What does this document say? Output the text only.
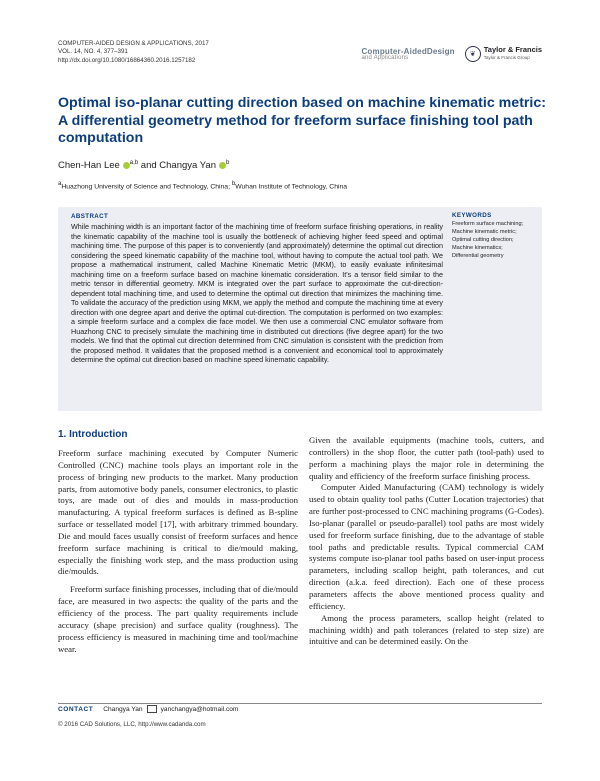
COMPUTER-AIDED DESIGN & APPLICATIONS, 2017
VOL. 14, NO. 4, 377–391
http://dx.doi.org/10.1080/16864360.2016.1257182
Computer-AidedDesign
and Applications	❦
Taylor & Francis
Taylor & Francis Group
Optimal iso-planar cutting direction based on machine kinematic metric: A differential geometry method for freeform surface finishing tool path computation
Chen-Han Lee $^{a,b}$ and Changya Yan $^b$
$^a$Huazhong University of Science and Technology, China; $^b$Wuhan Institute of Technology, China
ABSTRACT
While machining width is an important factor of the machining time of freeform surface finishing operations, in reality the kinematic capability of the machine tool is usually the bottleneck of achieving higher feed speed and optimal machining time. The purpose of this paper is to conveniently (and approximately) determine the optimal cut direction considering the speed kinematic capability of the machine tool, without having to compute the actual tool path. We propose a mathematical instrument, called Machine Kinematic Metric (MKM), to easily evaluate infinitesimal machining time on a freeform surface based on machine kinematic consideration. It's a tensor field similar to the metric tensor in differential geometry. MKM is integrated over the part surface to approximate the cut-direction-dependent total machining time, and used to determine the optimal cut direction that minimizes the machining time. To validate the accuracy of the prediction using MKM, we apply the method and compute the machining time at every direction with one degree apart and derive the optimal cut-direction. The computation is performed on two examples: a simple freeform surface and a complex die face model. We then use a commercial CNC emulator software from Huazhong CNC to precisely simulate the machining time in distributed cut directions (five degree apart) for the two models. We find that the optimal cut direction determined from CNC simulation is consistent with the prediction from the proposed method. It validates that the proposed method is a convenient and economical tool to approximately determine the optimal cut direction based on machine speed kinematic capability.
KEYWORDS
Freeform surface machining;
Machine kinematic metric;
Optimal cutting direction;
Machine kinematics;
Differential geometry
1. Introduction

Freeform surface machining executed by Computer Numeric Controlled (CNC) machine tools plays an important role in the process of bringing new products to the market. Many production parts, from automotive body panels, consumer electronics, to plastic toys, are made out of dies and moulds in mass-production manufacturing. A typical freeform surfaces is defined as B-spline surface or tessellated model [17], with arbitrary trimmed boundary. Die and mould faces usually consist of freeform surfaces and hence freeform surface machining is critical to die/mould making, especially the finishing work step, and the mass production using die/moulds.

Freeform surface finishing processes, including that of die/mould face, are measured in two aspects: the quality of the parts and the efficiency of the process. The part quality requirements include accuracy (shape precision) and surface quality (roughness). The process efficiency is measured in machining time and tool/machine wear.

Given the available equipments (machine tools, cutters, and controllers) in the shop floor, the cutter path (tool-path) used to perform a machining plays the major role in determining the quality and efficiency of the freeform surface finishing process.

Computer Aided Manufacturing (CAM) technology is widely used to obtain quality tool paths (Cutter Location trajectories) that are further post-processed to CNC machining programs (G-Codes). Iso-planar (parallel or pseudo-parallel) tool paths are most widely used for freeform surface finishing, due to the advantage of stable tool paths and predictable results. Typical commercial CAM systems compute iso-planar tool paths based on user-input process parameters, including scallop height, path tolerances, and cut direction (a.k.a. feed direction). Each one of these process parameters affects the above mentioned process quality and efficiency.

Among the process parameters, scallop height (related to machining width) and path tolerances (related to step size) are intuitive and can be determined easily. On the

CONTACT Changya Yan	yanchangya@hotmail.com
© 2016 CAD Solutions, LLC, http://www.cadanda.com
